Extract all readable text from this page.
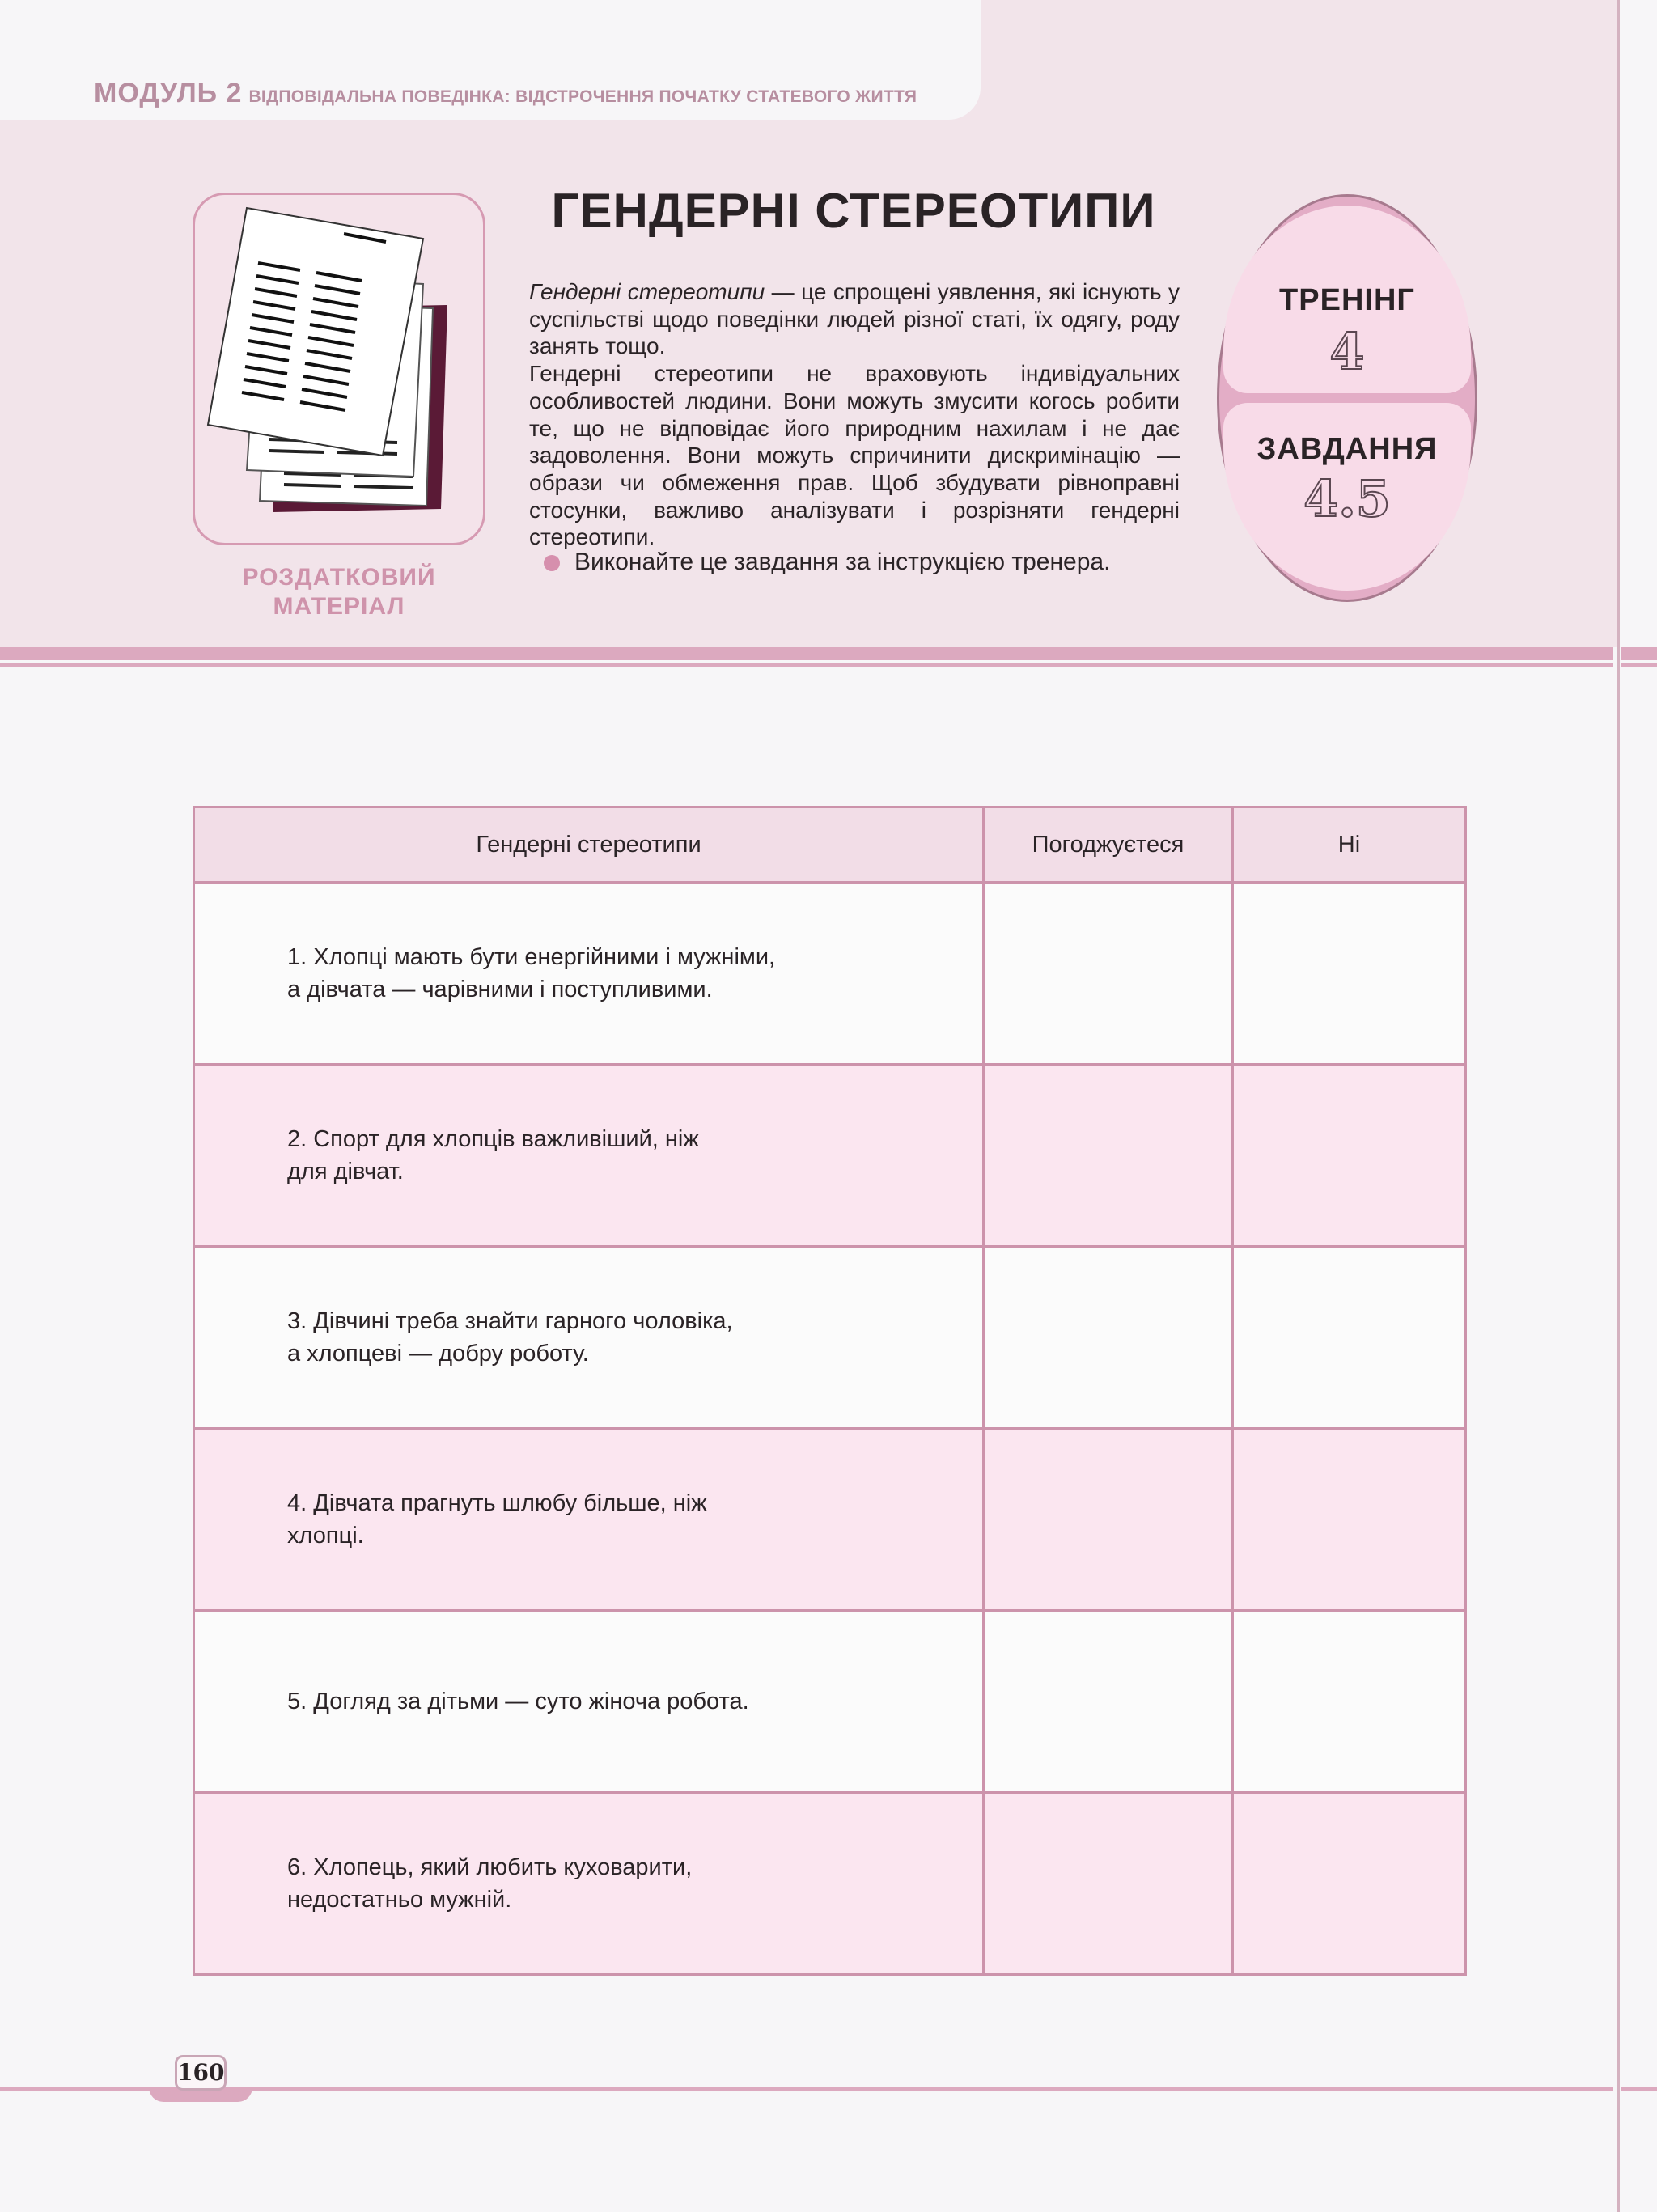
МОДУЛЬ 2 ВІДПОВІДАЛЬНА ПОВЕДІНКА: ВІДСТРОЧЕННЯ ПОЧАТКУ СТАТЕВОГО ЖИТТЯ
РОЗДАТКОВИЙ
МАТЕРІАЛ
ГЕНДЕРНІ СТЕРЕОТИПИ

Гендерні стереотипи — це спрощені уявлення, які існують у суспільстві щодо поведінки людей різної статі, їх одягу, роду занять тощо.

Гендерні стереотипи не враховують індивідуальних особливостей людини. Вони можуть змусити когось робити те, що не відповідає його природним нахилам і не дає задоволення. Вони можуть спричинити дискримінацію — образи чи обмеження прав. Щоб збудувати рівноправні стосунки, важливо аналізувати і розрізняти гендерні стереотипи.

Виконайте це завдання за інструкцією тренера.
ТРЕНІНГ
4
ЗАВДАННЯ
4.5
Гендерні стереотипи	Погоджуєтеся	Ні

1. Хлопці мають бути енергійними і мужніми,
а дівчата — чарівними і поступливими.		

2. Спорт для хлопців важливіший, ніж
для дівчат.		

3. Дівчині треба знайти гарного чоловіка,
а хлопцеві — добру роботу.		

4. Дівчата прагнуть шлюбу більше, ніж
хлопці.		

5. Догляд за дітьми — суто жіноча робота.		

6. Хлопець, який любить куховарити,
недостатньо мужній.		

160
